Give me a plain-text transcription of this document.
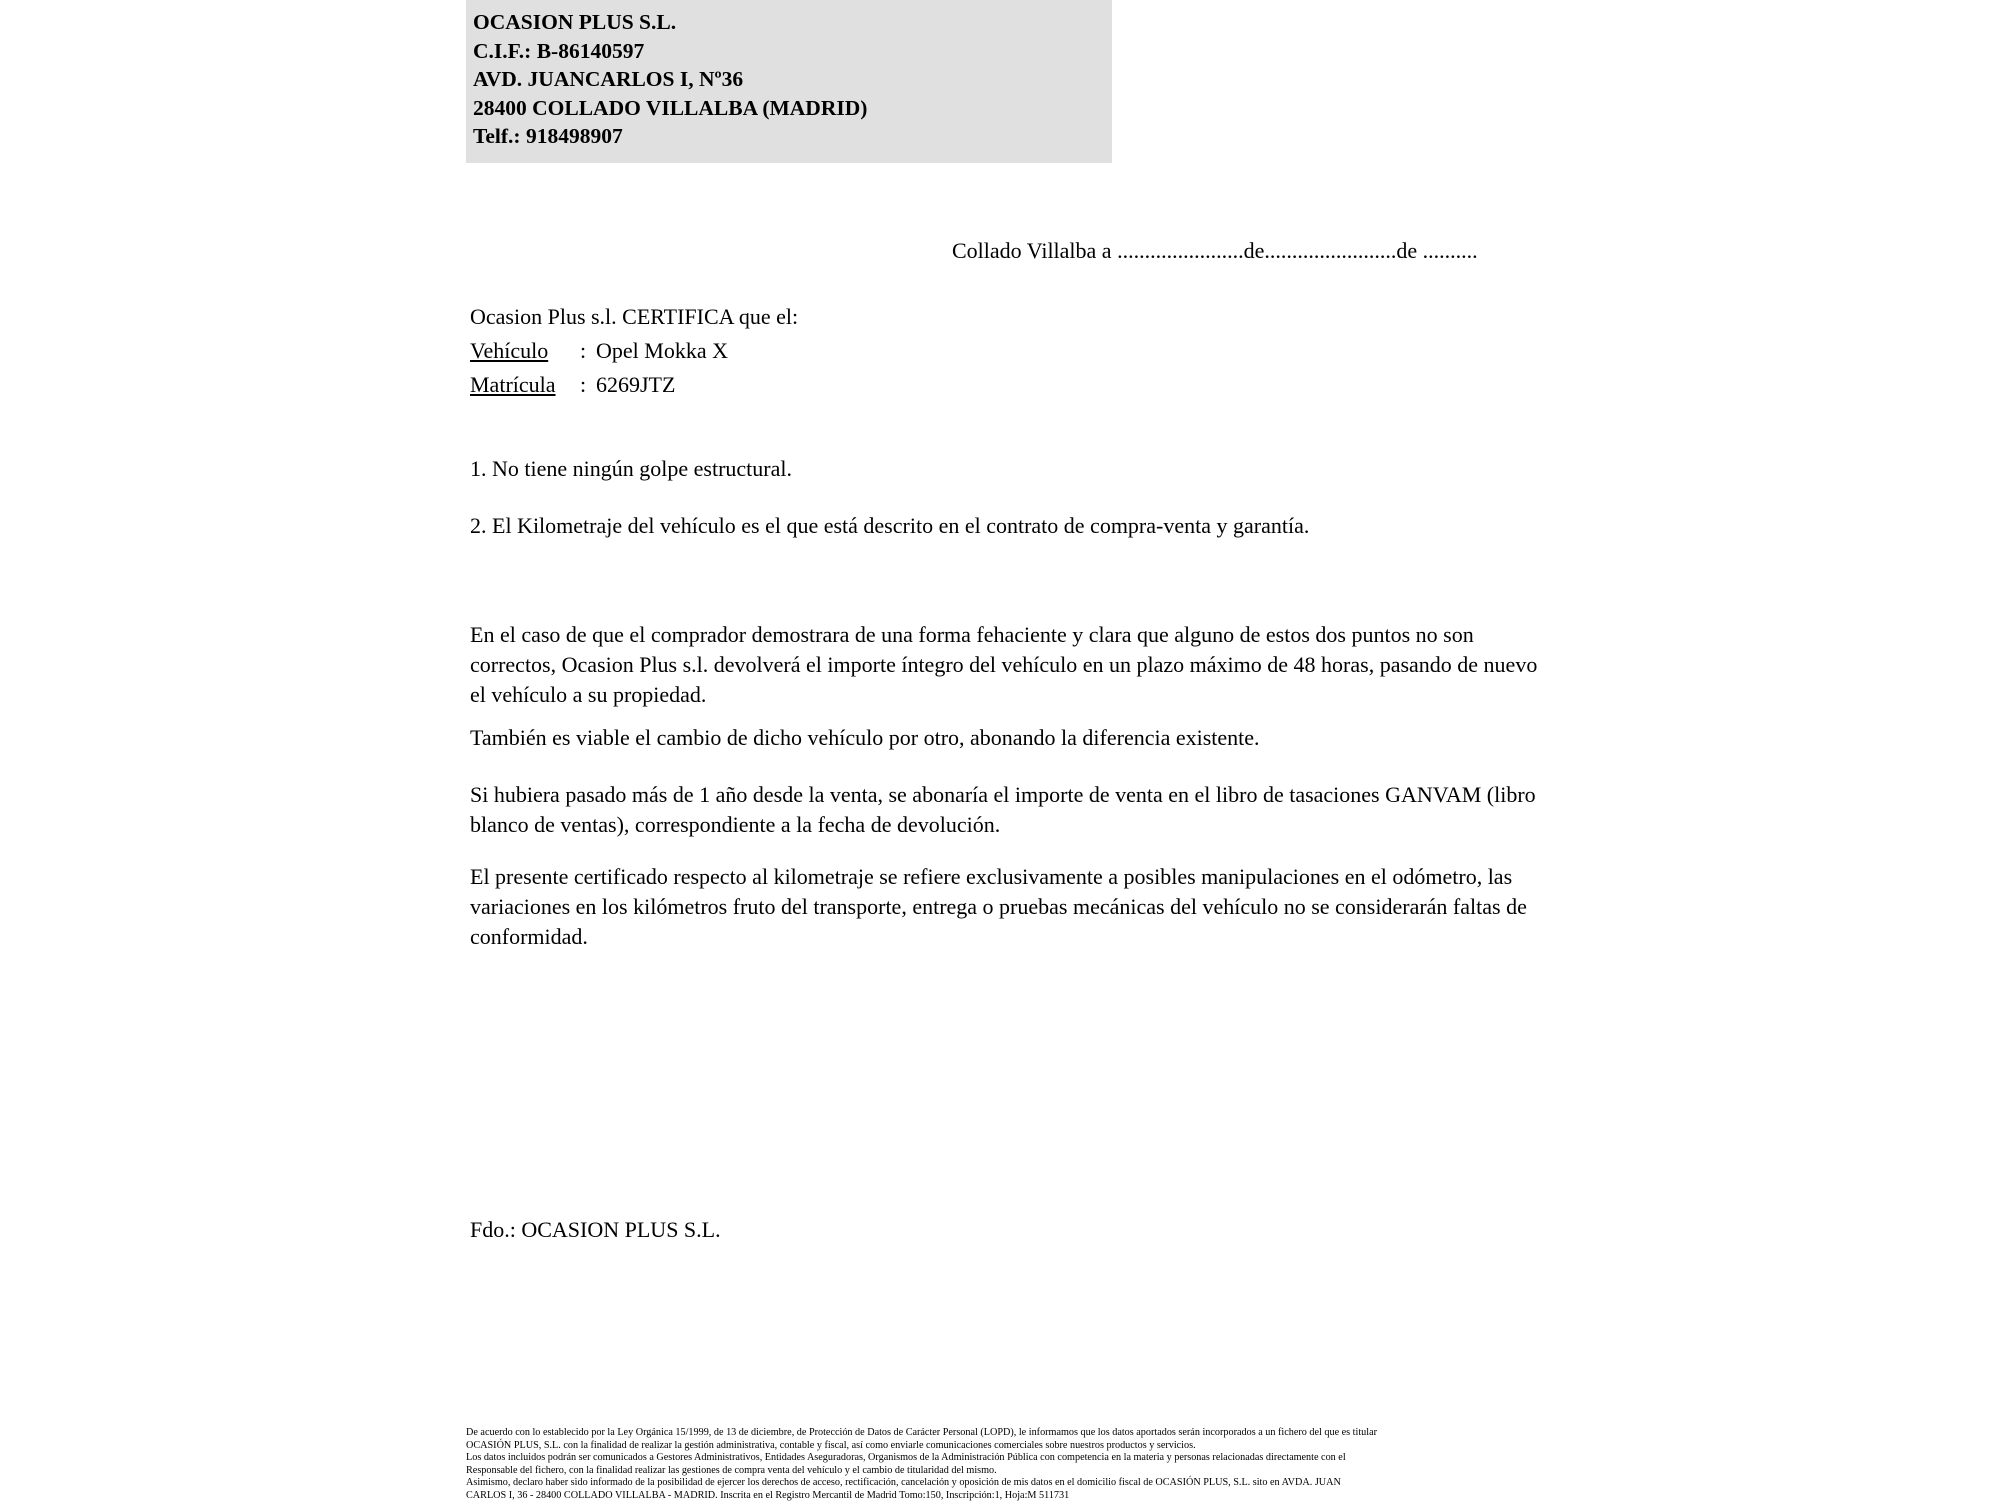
OCASION PLUS S.L.
C.I.F.: B-86140597
AVD. JUANCARLOS I, Nº36
28400 COLLADO VILLALBA (MADRID)
Telf.: 918498907
Collado Villalba a .......................de........................de ..........
Ocasion Plus s.l. CERTIFICA que el:
Vehículo : Opel Mokka X
Matrícula : 6269JTZ
1. No tiene ningún golpe estructural.
2. El Kilometraje del vehículo es el que está descrito en el contrato de compra-venta y garantía.
En el caso de que el comprador demostrara de una forma fehaciente y clara que alguno de estos dos puntos no son correctos, Ocasion Plus s.l. devolverá el importe íntegro del vehículo en un plazo máximo de 48 horas, pasando de nuevo el vehículo a su propiedad.
También es viable el cambio de dicho vehículo por otro, abonando la diferencia existente.
Si hubiera pasado más de 1 año desde la venta, se abonaría el importe de venta en el libro de tasaciones GANVAM (libro blanco de ventas), correspondiente a la fecha de devolución.
El presente certificado respecto al kilometraje se refiere exclusivamente a posibles manipulaciones en el odómetro, las variaciones en los kilómetros fruto del transporte, entrega o pruebas mecánicas del vehículo no se considerarán faltas de conformidad.
Fdo.: OCASION PLUS S.L.

De acuerdo con lo establecido por la Ley Orgánica 15/1999, de 13 de diciembre, de Protección de Datos de Carácter Personal (LOPD), le informamos que los datos aportados serán incorporados a un fichero del que es titular

OCASIÓN PLUS, S.L. con la finalidad de realizar la gestión administrativa, contable y fiscal, así como enviarle comunicaciones comerciales sobre nuestros productos y servicios.

Los datos incluidos podrán ser comunicados a Gestores Administrativos, Entidades Aseguradoras, Organismos de la Administración Pública con competencia en la materia y personas relacionadas directamente con el

Responsable del fichero, con la finalidad realizar las gestiones de compra venta del vehículo y el cambio de titularidad del mismo.

Asimismo, declaro haber sido informado de la posibilidad de ejercer los derechos de acceso, rectificación, cancelación y oposición de mis datos en el domicilio fiscal de OCASIÓN PLUS, S.L. sito en AVDA. JUAN

CARLOS I, 36 - 28400 COLLADO VILLALBA - MADRID. Inscrita en el Registro Mercantil de Madrid Tomo:150, Inscripción:1, Hoja:M 511731
